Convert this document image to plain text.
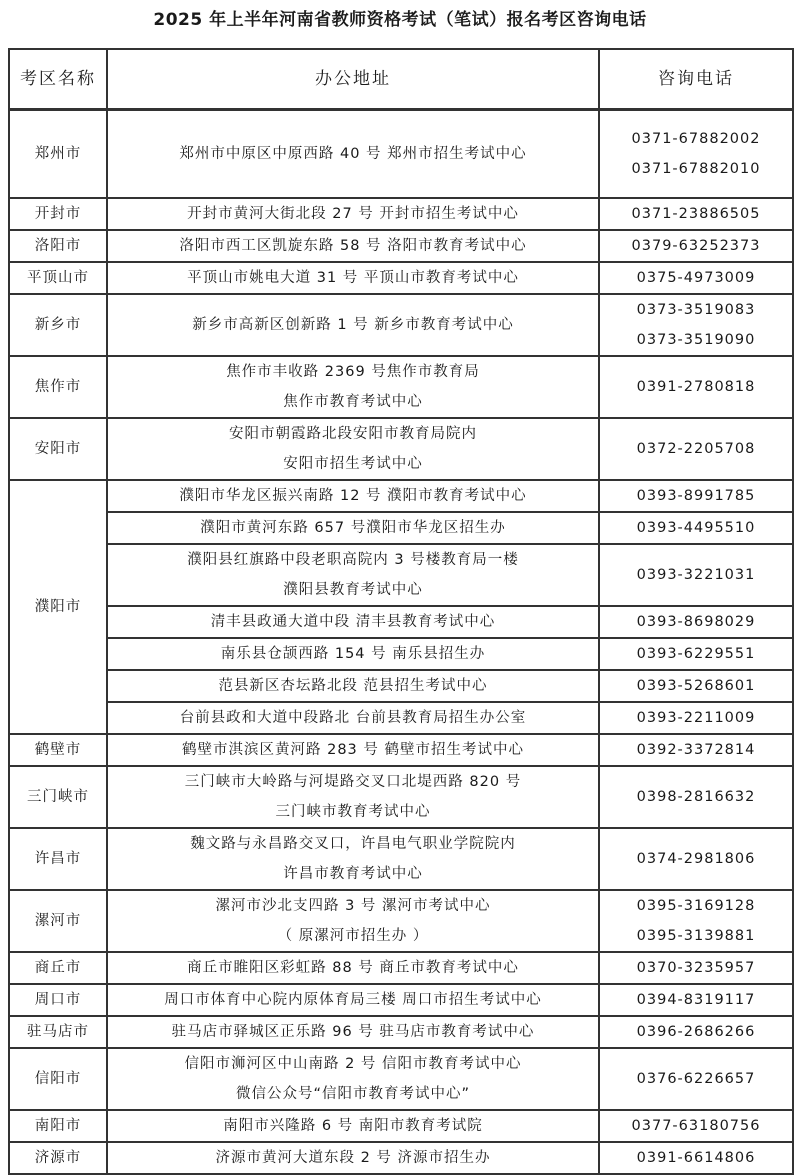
2025 年上半年河南省教师资格考试（笔试）报名考区咨询电话
考区名称	办公地址	咨询电话
郑州市	郑州市中原区中原西路 40 号 郑州市招生考试中心	0371-67882002
0371-67882010

开封市	开封市黄河大街北段 27 号 开封市招生考试中心	0371-23886505

洛阳市	洛阳市西工区凯旋东路 58 号 洛阳市教育考试中心	0379-63252373

平顶山市	平顶山市姚电大道 31 号 平顶山市教育考试中心	0375-4973009

新乡市	新乡市高新区创新路 1 号 新乡市教育考试中心	0373-3519083
0373-3519090

焦作市	焦作市丰收路 2369 号焦作市教育局
焦作市教育考试中心	0391-2780818

安阳市	安阳市朝霞路北段安阳市教育局院内
安阳市招生考试中心	0372-2205708

濮阳市	濮阳市华龙区振兴南路 12 号 濮阳市教育考试中心	0393-8991785

	濮阳市黄河东路 657 号濮阳市华龙区招生办	0393-4495510

	濮阳县红旗路中段老职高院内 3 号楼教育局一楼
濮阳县教育考试中心	0393-3221031

	清丰县政通大道中段 清丰县教育考试中心	0393-8698029

	南乐县仓颉西路 154 号 南乐县招生办	0393-6229551

	范县新区杏坛路北段 范县招生考试中心	0393-5268601

	台前县政和大道中段路北 台前县教育局招生办公室	0393-2211009

鹤壁市	鹤壁市淇滨区黄河路 283 号 鹤壁市招生考试中心	0392-3372814

三门峡市	三门峡市大岭路与河堤路交叉口北堤西路 820 号
三门峡市教育考试中心	0398-2816632

许昌市	魏文路与永昌路交叉口，许昌电气职业学院院内
许昌市教育考试中心	0374-2981806

漯河市	漯河市沙北支四路 3 号 漯河市考试中心
（ 原漯河市招生办 ）	0395-3169128
0395-3139881

商丘市	商丘市睢阳区彩虹路 88 号 商丘市教育考试中心	0370-3235957

周口市	周口市体育中心院内原体育局三楼 周口市招生考试中心	0394-8319117

驻马店市	驻马店市驿城区正乐路 96 号 驻马店市教育考试中心	0396-2686266

信阳市	信阳市浉河区中山南路 2 号 信阳市教育考试中心
微信公众号“信阳市教育考试中心”	0376-6226657

南阳市	南阳市兴隆路 6 号 南阳市教育考试院	0377-63180756

济源市	济源市黄河大道东段 2 号 济源市招生办	0391-6614806
